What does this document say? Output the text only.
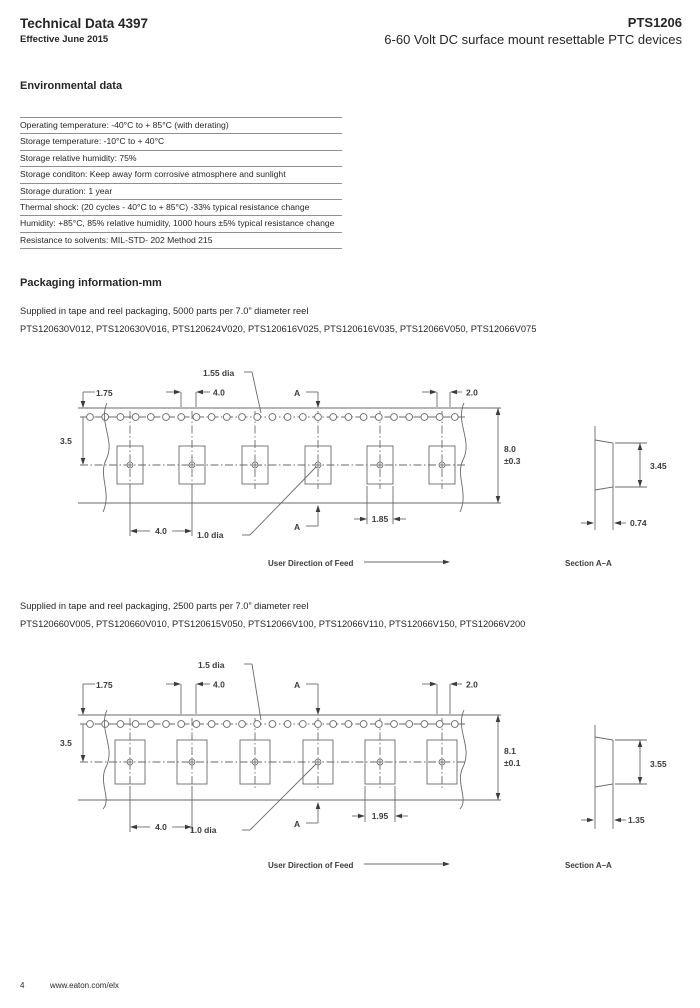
Technical Data 4397
Effective June 2015
PTS1206
6-60 Volt DC surface mount resettable PTC devices
Environmental data
Operating temperature: -40°C to + 85°C (with derating)
Storage temperature: -10°C to + 40°C
Storage relative humidity: 75%
Storage conditon: Keep away form corrosive atmosphere and sunlight
Storage duration: 1 year
Thermal shock: (20 cycles - 40°C to + 85°C) -33% typical resistance change
Humidity: +85°C, 85% relative humidity, 1000 hours ±5% typical resistance change
Resistance to solvents: MIL-STD- 202 Method 215
Packaging information-mm
Supplied in tape and reel packaging, 5000 parts per 7.0” diameter reel
PTS120630V012, PTS120630V016, PTS120624V020, PTS120616V025, PTS120616V035, PTS12066V050, PTS12066V075
1.75
3.5
4.0
1.55 dia
A	2.0
8.0
±0.3
1.85
4.0	1.0 dia
A
User Direction of Feed	Section A–A
3.45
0.74
Supplied in tape and reel packaging, 2500 parts per 7.0” diameter reel
PTS120660V005, PTS120660V010, PTS120615V050, PTS12066V100, PTS12066V110, PTS12066V150, PTS12066V200
1.75
3.5
4.0
1.5 dia
A	2.0
8.1
±0.1
1.95
4.0	1.0 dia
A
User Direction of Feed	Section A–A
3.55
1.35
4	www.eaton.com/elx
